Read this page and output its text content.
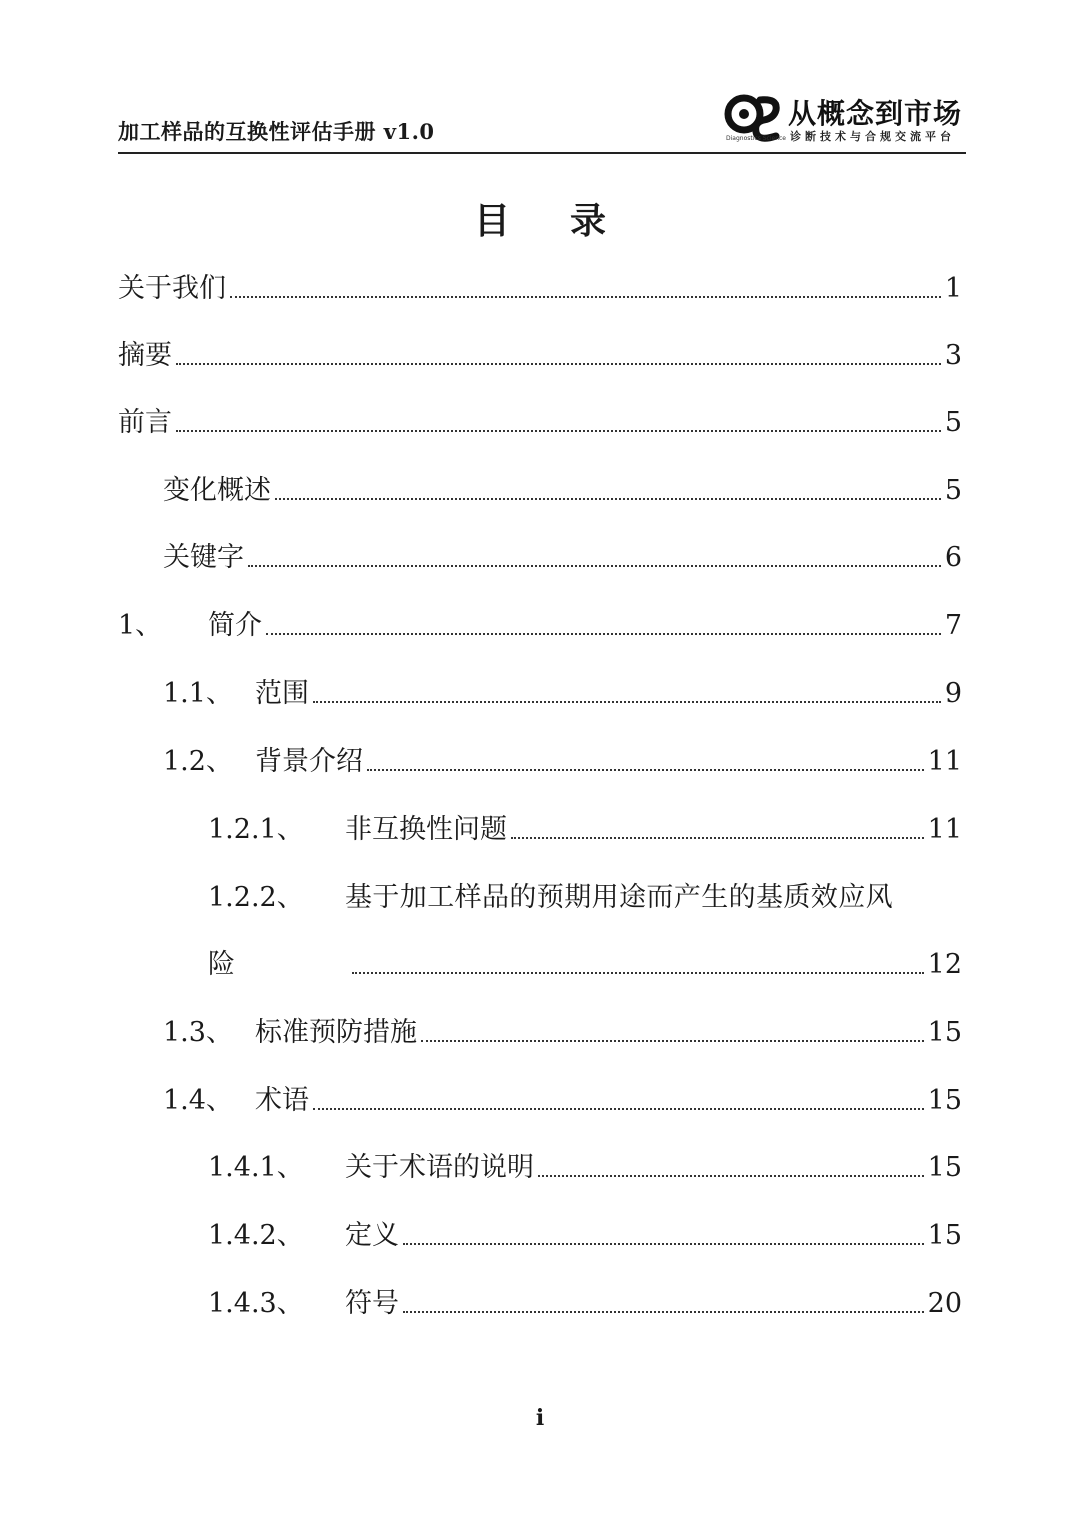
加工样品的互换性评估手册 v1.0	Diagnostics Science
从概念到市场
诊断技术与合规交流平台
目录
关于我们	1
摘要	3
前言	5
变化概述	5
关键字	6
1、	简介	7
1.1、 范围	9
1.2、 背景介绍	11
1.2.1、	非互换性问题	11
1.2.2、	基于加工样品的预期用途而产生的基质效应风
险	12
1.3、 标准预防措施	15
1.4、 术语	15
1.4.1、	关于术语的说明	15
1.4.2、	定义	15
1.4.3、	符号	20
i
